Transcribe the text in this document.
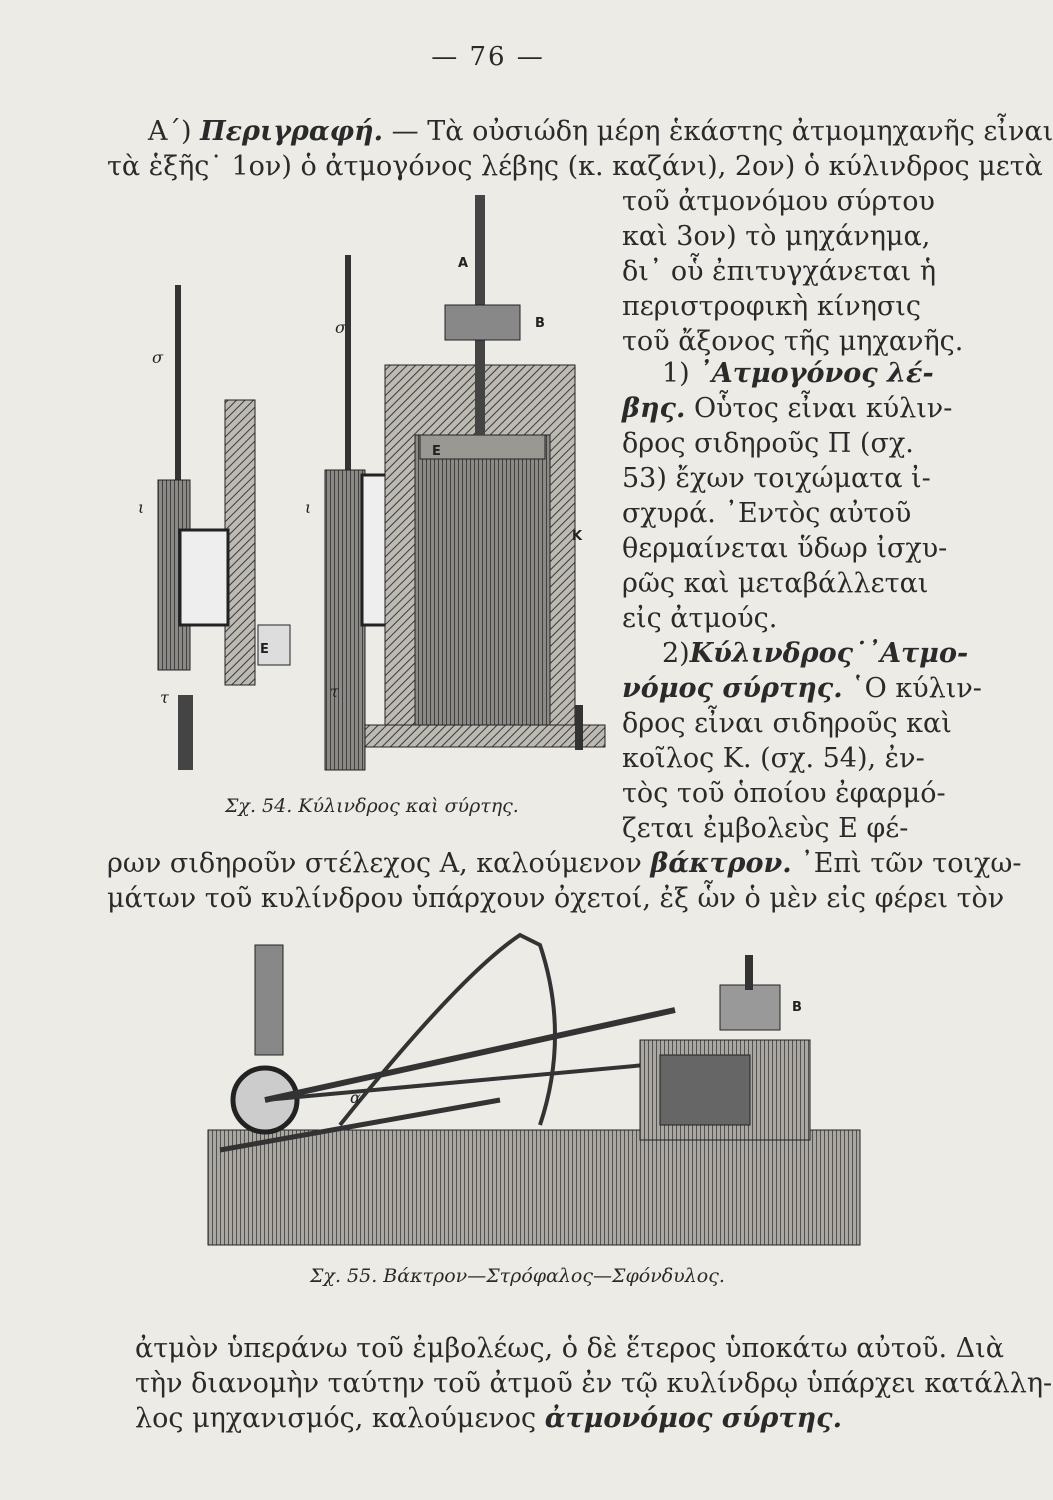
— 76 —
Α΄) Περιγραφή. — Τὰ οὐσιώδη μέρη ἑκάστης ἀτμομηχανῆς εἶναι
τὰ ἑξῆς˙ 1ον) ὁ ἀτμογόνος λέβης (κ. καζάνι), 2ον) ὁ κύλινδρος μετὰ
τοῦ ἀτμονόμου σύρτου
καὶ 3ον) τὸ μηχάνημα,
δι᾽ οὗ ἐπιτυγχάνεται ἡ
περιστροφικὴ κίνησις
τοῦ ἄξονος τῆς μηχανῆς.
1) ᾿Ατμογόνος λέ-
βης. Οὗτος εἶναι κύλιν-
δρος σιδηροῦς Π (σχ.
53) ἔχων τοιχώματα ἰ-
σχυρά. ᾿Εντὸς αὐτοῦ
θερμαίνεται ὕδωρ ἰσχυ-
ρῶς καὶ μεταβάλλεται
εἰς ἀτμούς.
2)Κύλινδρος˙᾿Ατμο-
νόμος σύρτης. ῾Ο κύλιν-
δρος εἶναι σιδηροῦς καὶ
κοῖλος Κ. (σχ. 54), ἐν-
τὸς τοῦ ὁποίου ἐφαρμό-
ζεται ἐμβολεὺς Ε φέ-
ρων σιδηροῦν στέλεχος Α, καλούμενον βάκτρον. ᾿Επὶ τῶν τοιχω-
μάτων τοῦ κυλίνδρου ὑπάρχουν ὀχετοί, ἐξ ὧν ὁ μὲν εἰς φέρει τὸν
Ε
σ
ι
τ
σ
ι
τ
Ε
Α
Β
Κ
Σχ. 54. Κύλινδρος καὶ σύρτης.
α
Β
Σχ. 55. Βάκτρον—Στρόφαλος—Σφόνδυλος.
ἀτμὸν ὑπεράνω τοῦ ἐμβολέως, ὁ δὲ ἕτερος ὑποκάτω αὐτοῦ. Διὰ
τὴν διανομὴν ταύτην τοῦ ἀτμοῦ ἐν τῷ κυλίνδρῳ ὑπάρχει κατάλλη-
λος μηχανισμός, καλούμενος ἀτμονόμος σύρτης.
